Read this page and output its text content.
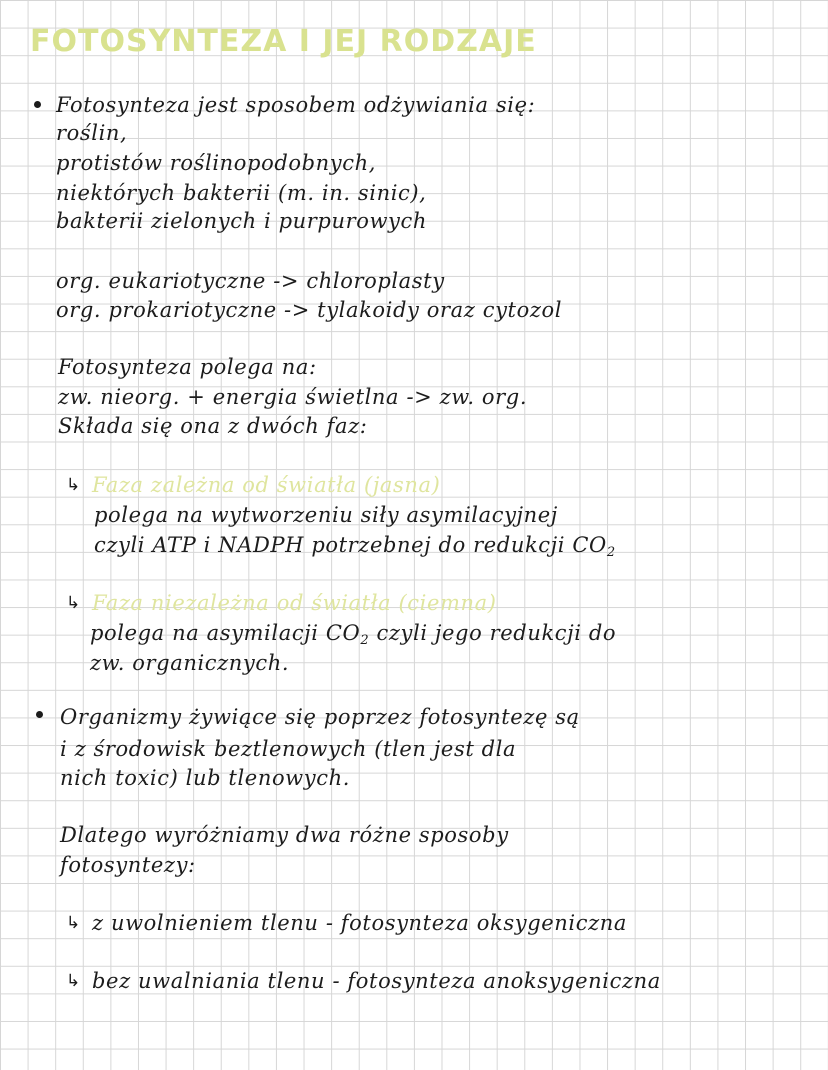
FOTOSYNTEZA I JEJ RODZAJE
Fotosynteza jest sposobem odżywiania się:
roślin,
protistów roślinopodobnych,
niektórych bakterii (m. in. sinic),
bakterii zielonych i purpurowych
org. eukariotyczne -> chloroplasty
org. prokariotyczne -> tylakoidy oraz cytozol
Fotosynteza polega na:
zw. nieorg. + energia świetlna -> zw. org.
Składa się ona z dwóch faz:
↳ Faza zależna od światła (jasna)
polega na wytworzeniu siły asymilacyjnej
czyli ATP i NADPH potrzebnej do redukcji $CO_2$
↳ Faza niezależna od światła (ciemna)
polega na asymilacji $CO_2$ czyli jego redukcji do
zw. organicznych.
Organizmy żywiące się poprzez fotosyntezę są
i z środowisk beztlenowych (tlen jest dla
nich toxic) lub tlenowych.
Dlatego wyróżniamy dwa różne sposoby
fotosyntezy:
↳ z uwolnieniem tlenu - fotosynteza oksygeniczna
↳ bez uwalniania tlenu - fotosynteza anoksygeniczna
